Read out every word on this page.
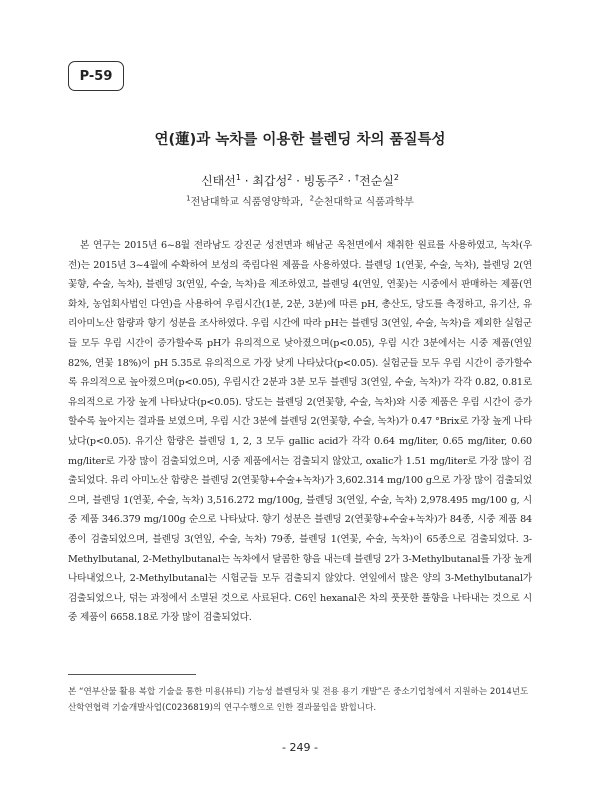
P-59
연(蓮)과 녹차를 이용한 블렌딩 차의 품질특성
신태선$^1$ · 최갑성$^2$ · 빙동주$^2$ · †전순실$^2$
$^1$전남대학교 식품영양학과, $^2$순천대학교 식품과학부

본 연구는 2015년 6~8월 전라남도 강진군 성전면과 해남군 옥천면에서 채취한 원료를 사용하였고, 녹차(우전)는 2015년 3~4월에 수확하여 보성의 죽림다원 제품을 사용하였다. 블렌딩 1(연꽃, 수술, 녹차), 블렌딩 2(연꽃향, 수술, 녹차), 블렌딩 3(연잎, 수술, 녹차)을 제조하였고, 블렌딩 4(연잎, 연꽃)는 시중에서 판매하는 제품(연화차, 농업회사법인 다연)을 사용하여 우림시간(1분, 2분, 3분)에 따른 pH, 총산도, 당도를 측정하고, 유기산, 유리아미노산 함량과 향기 성분을 조사하였다. 우림 시간에 따라 pH는 블렌딩 3(연잎, 수술, 녹차)을 제외한 실험군들 모두 우림 시간이 증가할수록 pH가 유의적으로 낮아졌으며(p<0.05), 우림 시간 3분에서는 시중 제품(연잎 82%, 연꽃 18%)이 pH 5.35로 유의적으로 가장 낮게 나타났다(p<0.05). 실험군들 모두 우림 시간이 증가할수록 유의적으로 높아졌으며(p<0.05), 우림시간 2분과 3분 모두 블렌딩 3(연잎, 수술, 녹차)가 각각 0.82, 0.81로 유의적으로 가장 높게 나타났다(p<0.05). 당도는 블렌딩 2(연꽃향, 수술, 녹차)와 시중 제품은 우림 시간이 증가할수록 높아지는 결과를 보였으며, 우림 시간 3분에 블렌딩 2(연꽃향, 수술, 녹차)가 0.47 °Brix로 가장 높게 나타났다(p<0.05). 유기산 함량은 블렌딩 1, 2, 3 모두 gallic acid가 각각 0.64 mg/liter, 0.65 mg/liter, 0.60 mg/liter로 가장 많이 검출되었으며, 시중 제품에서는 검출되지 않았고, oxalic가 1.51 mg/liter로 가장 많이 검출되었다. 유리 아미노산 함량은 블렌딩 2(연꽃향+수술+녹차)가 3,602.314 mg/100 g으로 가장 많이 검출되었으며, 블렌딩 1(연꽃, 수술, 녹차) 3,516.272 mg/100g, 블렌딩 3(연잎, 수술, 녹차) 2,978.495 mg/100 g, 시중 제품 346.379 mg/100g 순으로 나타났다. 향기 성분은 블렌딩 2(연꽃향+수술+녹차)가 84종, 시중 제품 84종이 검출되었으며, 블렌딩 3(연잎, 수술, 녹차) 79종, 블렌딩 1(연꽃, 수술, 녹차)이 65종으로 검출되었다. 3-Methylbutanal, 2-Methylbutanal는 녹차에서 달콤한 향을 내는데 블렌딩 2가 3-Methylbutanal를 가장 높게 나타내었으나, 2-Methylbutanal는 시험군들 모두 검출되지 않았다. 연잎에서 많은 양의 3-Methylbutanal가 검출되었으나, 덖는 과정에서 소멸된 것으로 사료된다. C6인 hexanal은 차의 풋풋한 풀향을 나타내는 것으로 시중 제품이 6658.18로 가장 많이 검출되었다.

본 “연부산물 활용 복합 기술을 통한 미용(뷰티) 기능성 블렌딩차 및 전용 용기 개발”은 중소기업청에서 지원하는 2014년도 산학연협력 기술개발사업(C0236819)의 연구수행으로 인한 결과물임을 밝힙니다.

- 249 -
